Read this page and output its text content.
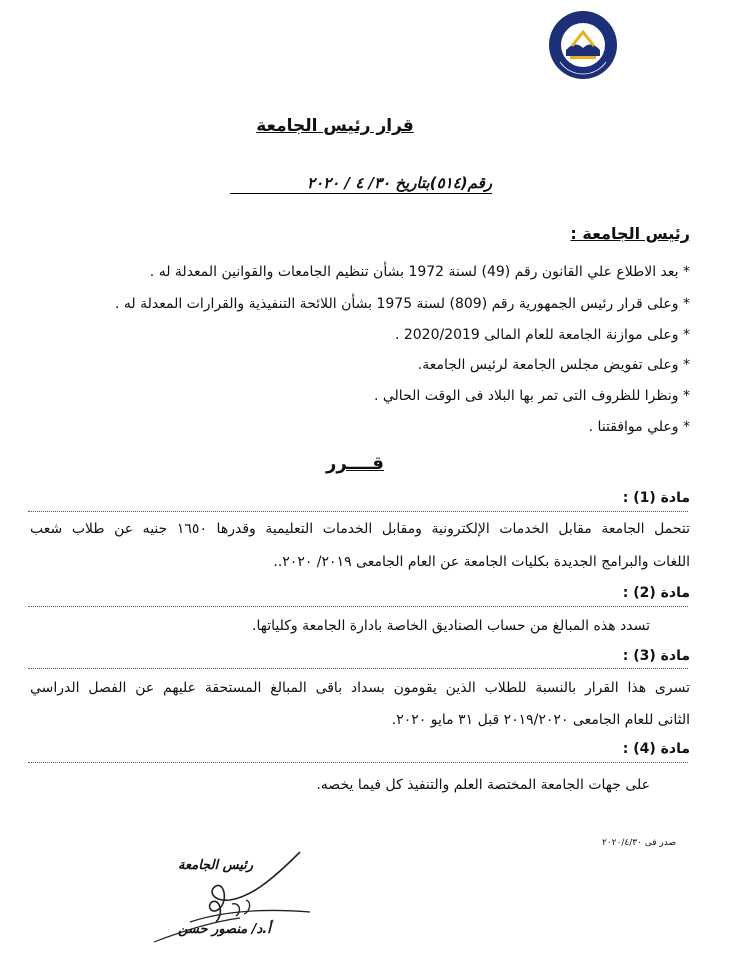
قرار رئيس الجامعة
رقم(٥١٤)بتاريخ ٣٠/ ٤ / ٢٠٢٠
رئيس الجامعة :
* بعد الاطلاع علي القانون رقم (49) لسنة 1972 بشأن تنظيم الجامعات والقوانين المعدلة له .
* وعلى قرار رئيس الجمهورية رقم (809) لسنة 1975 بشأن اللائحة التنفيذية والقرارات المعدلة له .
* وعلى موازنة الجامعة للعام المالى 2020/2019 .
* وعلى تفويض مجلس الجامعة لرئيس الجامعة.
* ونظرا للظروف التى تمر بها البلاد فى الوقت الحالي .
* وعلي موافقتنا .
قــــرر
مادة (1) :
تتحمل الجامعة مقابل الخدمات الإلكترونية ومقابل الخدمات التعليمية وقدرها ١٦٥٠ جنيه عن طلاب شعب
اللغات والبرامج الجديدة بكليات الجامعة عن العام الجامعى ٢٠١٩/ ٢٠٢٠..
مادة (2) :
تسدد هذه المبالغ من حساب الصناديق الخاصة بادارة الجامعة وكلياتها.
مادة (3) :
تسرى هذا القرار بالنسبة للطلاب الذين يقومون بسداد باقى المبالغ المستحقة عليهم عن الفصل الدراسي
الثانى للعام الجامعى ٢٠١٩/٢٠٢٠ قبل ٣١ مايو ٢٠٢٠.
مادة (4) :
على جهات الجامعة المختصة العلم والتنفيذ كل فيما يخصه.
صدر فى ٢٠٢٠/٤/٣٠
رئيس الجامعة
أ.د/ منصور حسن
